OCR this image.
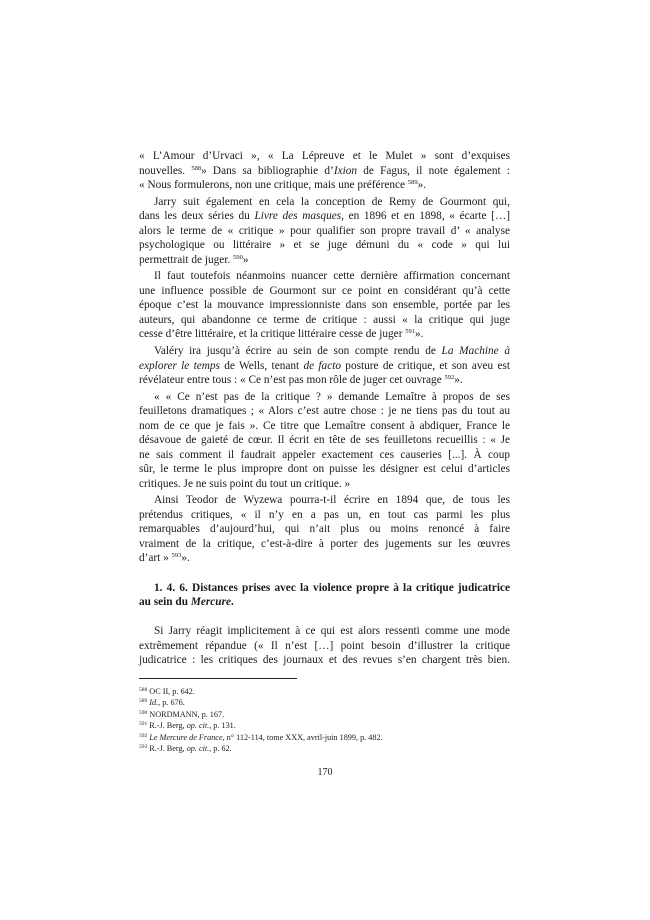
« L’Amour d’Urvaci », « La Lépreuve et le Mulet » sont d’exquises
nouvelles. $^{588}$» Dans sa bibliographie d’Ixion de Fagus, il note également :
« Nous formulerons, non une critique, mais une préférence $^{589}$».
Jarry suit également en cela la conception de Remy de Gourmont qui,
dans les deux séries du Livre des masques, en 1896 et en 1898, « écarte […]
alors le terme de « critique » pour qualifier son propre travail d’ « analyse
psychologique ou littéraire » et se juge démuni du « code » qui lui
permettrait de juger. $^{590}$»
Il faut toutefois néanmoins nuancer cette dernière affirmation concernant
une influence possible de Gourmont sur ce point en considérant qu’à cette
époque c’est la mouvance impressionniste dans son ensemble, portée par les
auteurs, qui abandonne ce terme de critique : aussi « la critique qui juge
cesse d’être littéraire, et la critique littéraire cesse de juger $^{591}$».
Valéry ira jusqu’à écrire au sein de son compte rendu de La Machine à
explorer le temps de Wells, tenant de facto posture de critique, et son aveu est
révélateur entre tous : « Ce n’est pas mon rôle de juger cet ouvrage $^{592}$».
« « Ce n’est pas de la critique ? » demande Lemaître à propos de ses
feuilletons dramatiques ; « Alors c’est autre chose : je ne tiens pas du tout au
nom de ce que je fais ». Ce titre que Lemaître consent à abdiquer, France le
désavoue de gaieté de cœur. Il écrit en tête de ses feuilletons recueillis : « Je
ne sais comment il faudrait appeler exactement ces causeries [...]. À coup
sûr, le terme le plus impropre dont on puisse les désigner est celui d’articles
critiques. Je ne suis point du tout un critique. »
Ainsi Teodor de Wyzewa pourra-t-il écrire en 1894 que, de tous les
prétendus critiques, « il n’y en a pas un, en tout cas parmi les plus
remarquables d’aujourd’hui, qui n’ait plus ou moins renoncé à faire
vraiment de la critique, c’est-à-dire à porter des jugements sur les œuvres
d’art » $^{593}$».
1. 4. 6. Distances prises avec la violence propre à la critique judicatrice
au sein du Mercure.
Si Jarry réagit implicitement à ce qui est alors ressenti comme une mode
extrêmement répandue (« Il n’est […] point besoin d’illustrer la critique
judicatrice : les critiques des journaux et des revues s’en chargent très bien.
$^{588}$ OC II, p. 642.
$^{589}$ Id., p. 676.
$^{590}$ NORDMANN, p. 167.
$^{591}$ R.-J. Berg, op. cit., p. 131.
$^{592}$ Le Mercure de France, n° 112-114, tome XXX, avril-juin 1899, p. 482.
$^{593}$ R.-J. Berg, op. cit., p. 62.
170
